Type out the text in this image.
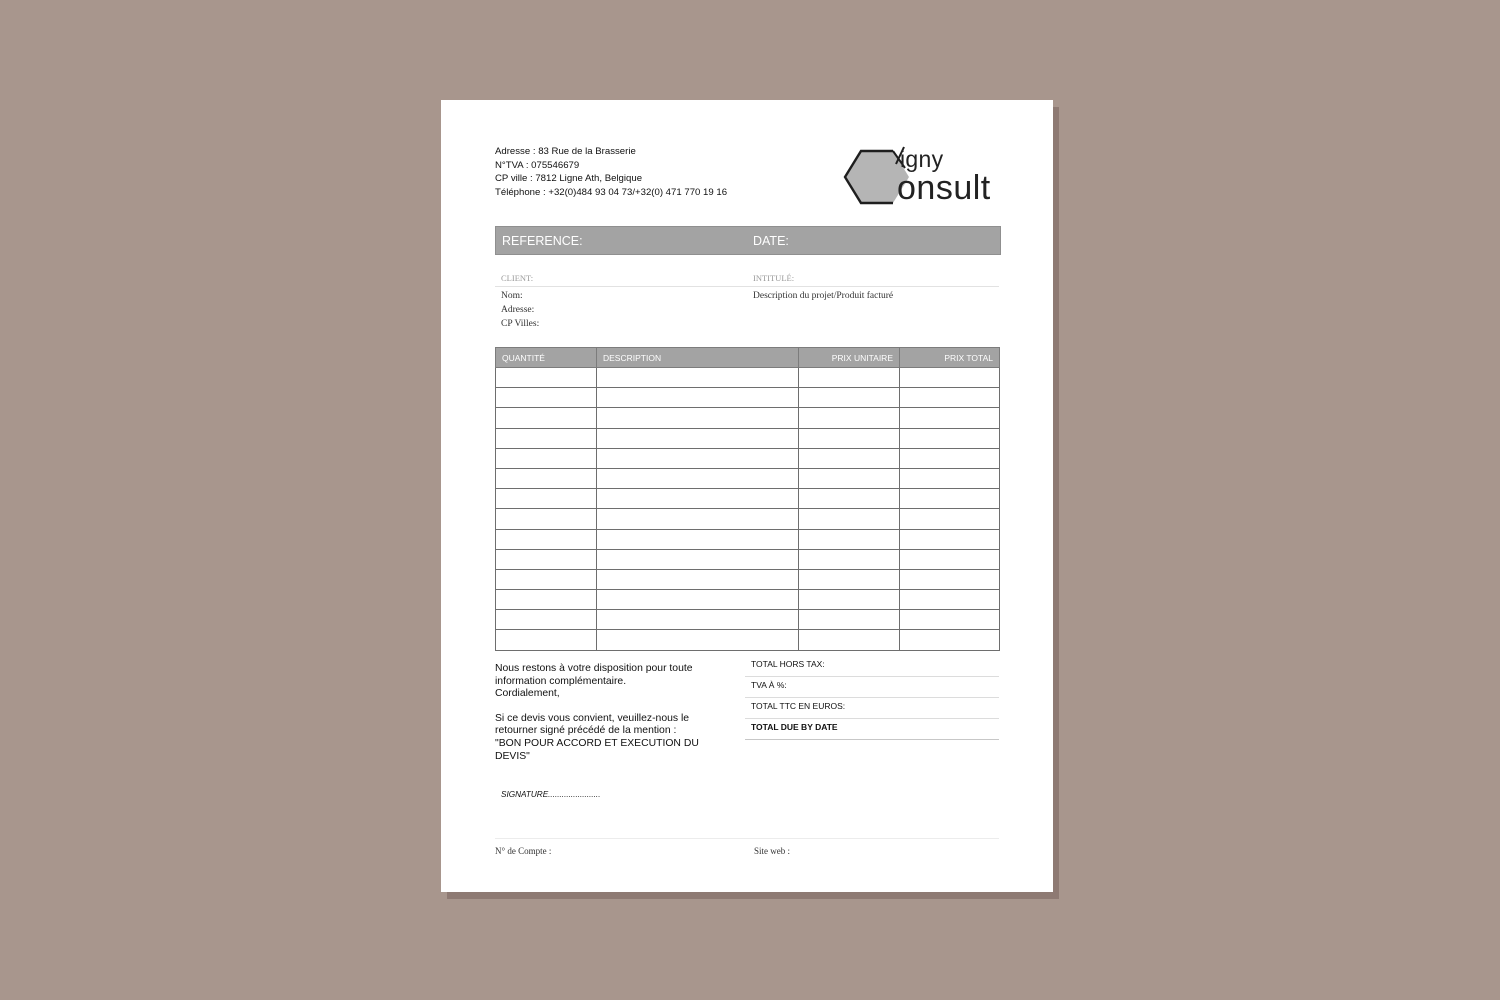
Adresse : 83 Rue de la Brasserie
N°TVA : 075546679
CP ville : 7812 Ligne Ath, Belgique
Téléphone : +32(0)484 93 04 73/+32(0) 471 770 19 16
igny
onsult
REFERENCE:	DATE:
CLIENT:	INTITULÉ:
Nom:
Adresse:
CP Villes:
Description du projet/Produit facturé
QUANTITÉ	DESCRIPTION	PRIX UNITAIRE	PRIX TOTAL

Nous restons à votre disposition pour toute

information complémentaire.

Cordialement,

Si ce devis vous convient, veuillez-nous le

retourner signé précédé de la mention :

"BON POUR ACCORD ET EXECUTION DU

DEVIS"

TOTAL HORS TAX:
TVA À %:
TOTAL TTC EN EUROS:
TOTAL DUE BY DATE
SIGNATURE.......................
N° de Compte :	Site web :
